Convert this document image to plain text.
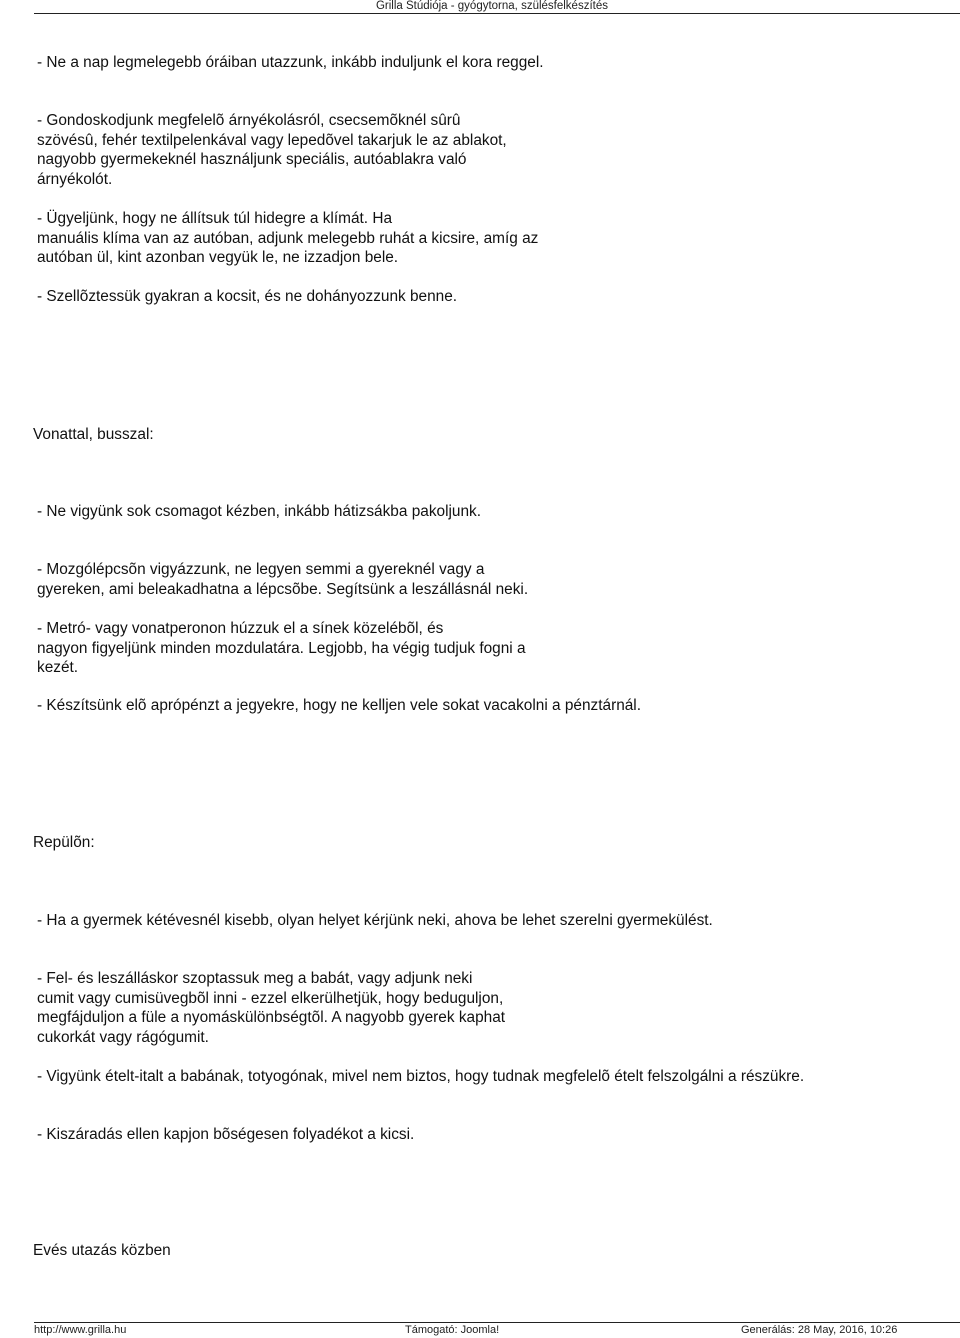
Grilla Stúdiója - gyógytorna, szülésfelkészítés

- Ne a nap legmelegebb óráiban utazzunk, inkább induljunk el kora reggel.

- Gondoskodjunk megfelelõ árnyékolásról, csecsemõknél sûrû
szövésû, fehér textilpelenkával vagy lepedõvel takarjuk le az ablakot,
nagyobb gyermekeknél használjunk speciális, autóablakra való
árnyékolót.

- Ügyeljünk, hogy ne állítsuk túl hidegre a klímát. Ha
manuális klíma van az autóban, adjunk melegebb ruhát a kicsire, amíg az
autóban ül, kint azonban vegyük le, ne izzadjon bele.

- Szellõztessük gyakran a kocsit, és ne dohányozzunk benne.

Vonattal, busszal:

- Ne vigyünk sok csomagot kézben, inkább hátizsákba pakoljunk.

- Mozgólépcsõn vigyázzunk, ne legyen semmi a gyereknél vagy a
gyereken, ami beleakadhatna a lépcsõbe. Segítsünk a leszállásnál neki.

- Metró- vagy vonatperonon húzzuk el a sínek közelébõl, és
nagyon figyeljünk minden mozdulatára. Legjobb, ha végig tudjuk fogni a
kezét.

- Készítsünk elõ aprópénzt a jegyekre, hogy ne kelljen vele sokat vacakolni a pénztárnál.

Repülõn:

- Ha a gyermek kétévesnél kisebb, olyan helyet kérjünk neki, ahova be lehet szerelni gyermekülést.

- Fel- és leszálláskor szoptassuk meg a babát, vagy adjunk neki
cumit vagy cumisüvegbõl inni - ezzel elkerülhetjük, hogy beduguljon,
megfájduljon a füle a nyomáskülönbségtõl. A nagyobb gyerek kaphat
cukorkát vagy rágógumit.

- Vigyünk ételt-italt a babának, totyogónak, mivel nem biztos, hogy tudnak megfelelõ ételt felszolgálni a részükre.

- Kiszáradás ellen kapjon bõségesen folyadékot a kicsi.

Evés utazás közben

http://www.grilla.hu	Támogató: Joomla!	Generálás: 28 May, 2016, 10:26
